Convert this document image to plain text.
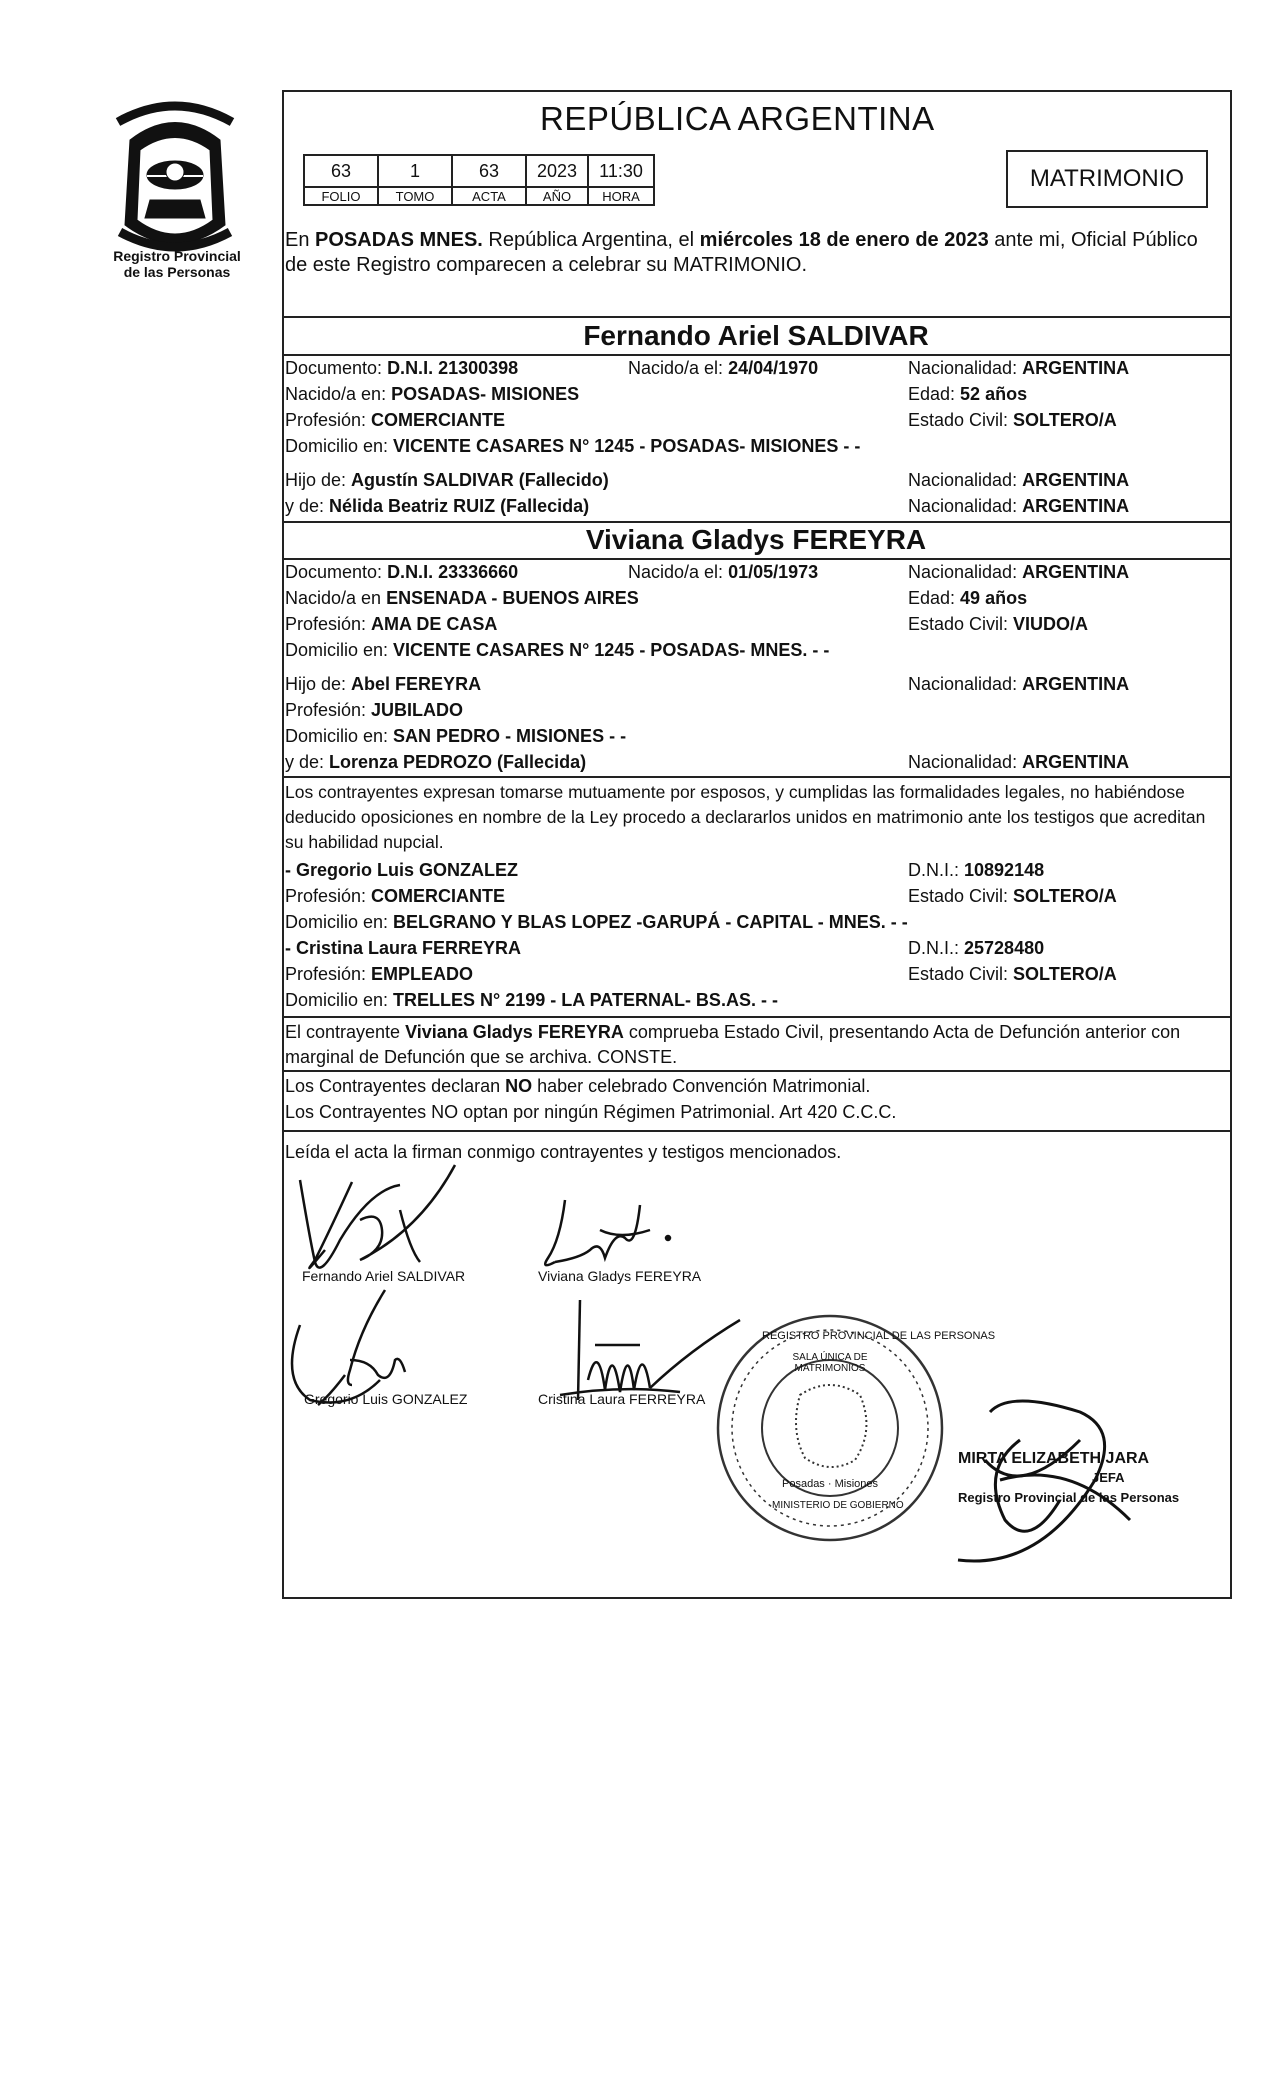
Registro Provincial
de las Personas
REPÚBLICA ARGENTINA
63	1	63	2023	11:30
FOLIO	TOMO	ACTA	AÑO	HORA
MATRIMONIO
En POSADAS MNES. República Argentina, el miércoles 18 de enero de 2023 ante mi, Oficial Público de este Registro comparecen a celebrar su MATRIMONIO.
Fernando Ariel SALDIVAR
Documento: D.N.I. 21300398	Nacido/a el: 24/04/1970	Nacionalidad: ARGENTINA
Nacido/a en: POSADAS- MISIONES	Edad: 52 años
Profesión: COMERCIANTE	Estado Civil: SOLTERO/A
Domicilio en: VICENTE CASARES N° 1245 - POSADAS- MISIONES - -
Hijo de: Agustín SALDIVAR (Fallecido)	Nacionalidad: ARGENTINA
y de: Nélida Beatriz RUIZ (Fallecida)	Nacionalidad: ARGENTINA
Viviana Gladys FEREYRA
Documento: D.N.I. 23336660	Nacido/a el: 01/05/1973	Nacionalidad: ARGENTINA
Nacido/a en ENSENADA - BUENOS AIRES	Edad: 49 años
Profesión: AMA DE CASA	Estado Civil: VIUDO/A
Domicilio en: VICENTE CASARES N° 1245 - POSADAS- MNES. - -
Hijo de: Abel FEREYRA	Nacionalidad: ARGENTINA
Profesión: JUBILADO
Domicilio en: SAN PEDRO - MISIONES - -
y de: Lorenza PEDROZO (Fallecida)	Nacionalidad: ARGENTINA
Los contrayentes expresan tomarse mutuamente por esposos, y cumplidas las formalidades legales, no habiéndose deducido oposiciones en nombre de la Ley procedo a declararlos unidos en matrimonio ante los testigos que acreditan su habilidad nupcial.
- Gregorio Luis GONZALEZ	D.N.I.: 10892148
Profesión: COMERCIANTE	Estado Civil: SOLTERO/A
Domicilio en: BELGRANO Y BLAS LOPEZ -GARUPÁ - CAPITAL - MNES. - -
- Cristina Laura FERREYRA	D.N.I.: 25728480
Profesión: EMPLEADO	Estado Civil: SOLTERO/A
Domicilio en: TRELLES N° 2199 - LA PATERNAL- BS.AS. - -
El contrayente Viviana Gladys FEREYRA comprueba Estado Civil, presentando Acta de Defunción anterior con marginal de Defunción que se archiva. CONSTE.
Los Contrayentes declaran NO haber celebrado Convención Matrimonial.
Los Contrayentes NO optan por ningún Régimen Patrimonial. Art 420 C.C.C.
Leída el acta la firman conmigo contrayentes y testigos mencionados.
Fernando Ariel SALDIVAR	Viviana Gladys FEREYRA
Gregorio Luis GONZALEZ	Cristina Laura FERREYRA
REGISTRO PROVINCIAL DE LAS PERSONAS
SALA ÚNICA DE MATRIMONIOS
Posadas · Misiones
MINISTERIO DE GOBIERNO
MIRTA ELIZABETH JARA
JEFA
Registro Provincial de las Personas
